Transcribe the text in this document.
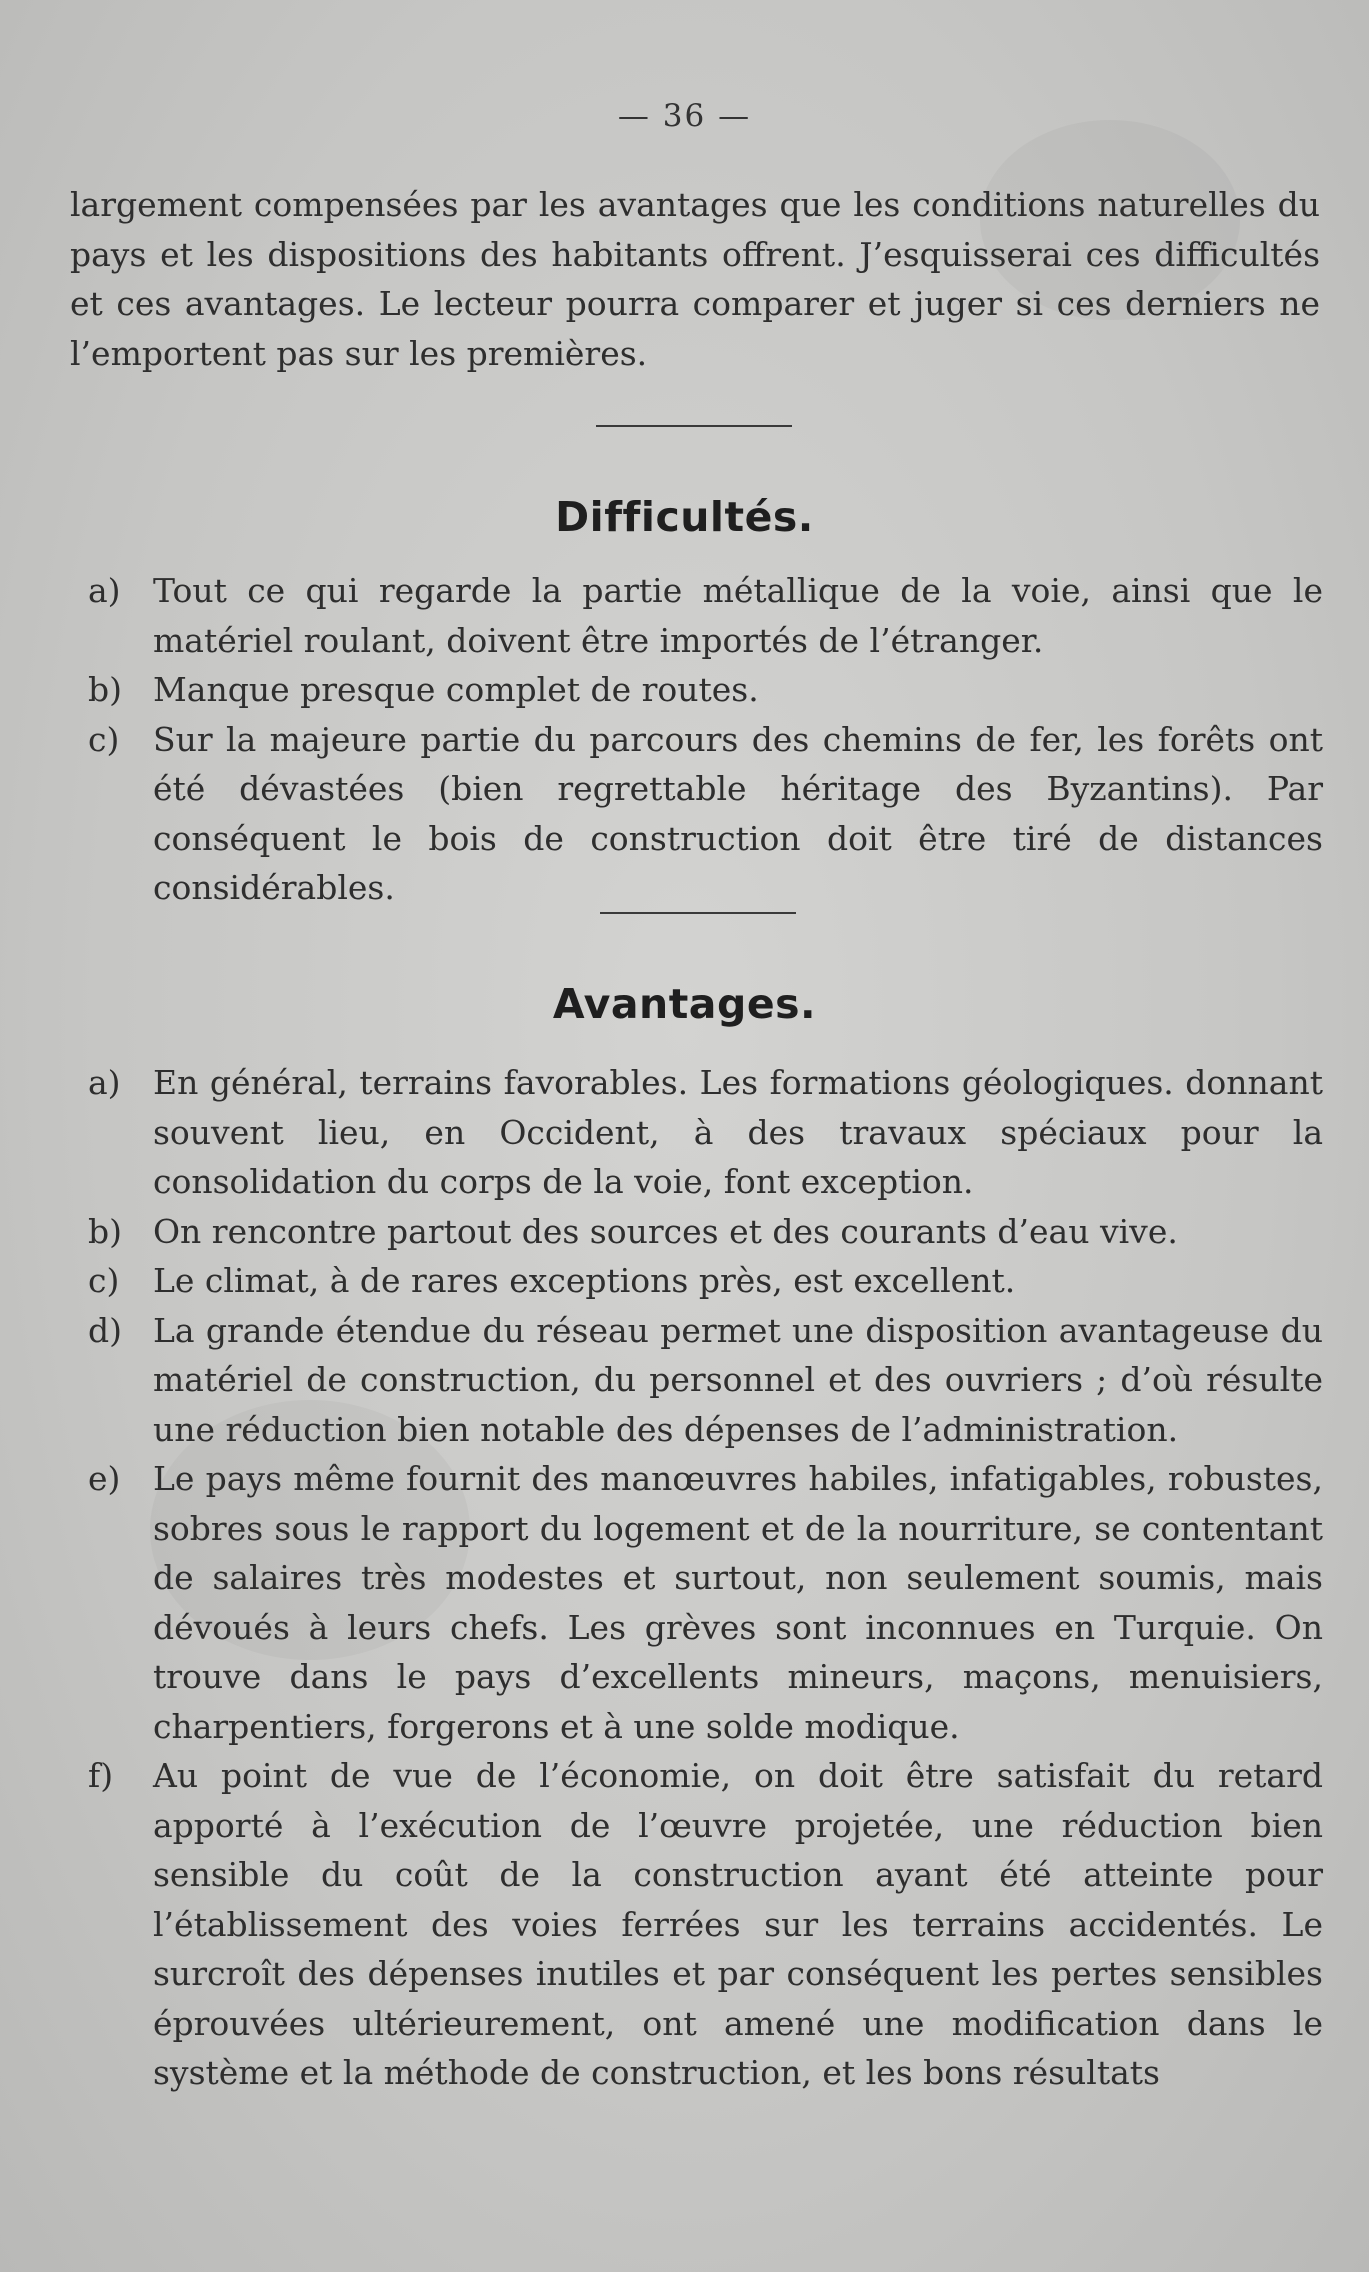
— 36 —

largement compensées par les avantages que les conditions naturelles du pays et les dispositions des habitants offrent. J’esquisserai ces difficultés et ces avantages. Le lecteur pourra comparer et juger si ces derniers ne l’emportent pas sur les premières.

Difficultés.
a) Tout ce qui regarde la partie métallique de la voie, ainsi que le matériel roulant, doivent être importés de l’étranger.
b) Manque presque complet de routes.
c)	Sur la majeure partie du parcours des chemins de fer, les forêts ont été dévastées (bien regrettable héritage des Byzantins). Par conséquent le bois de construction doit être tiré de distances considérables.
Avantages.
a) En général, terrains favorables. Les formations géologiques. donnant souvent lieu, en Occident, à des travaux spéciaux pour la consolidation du corps de la voie, font exception.
b) On rencontre partout des sources et des courants d’eau vive.
c)	Le climat, à de rares exceptions près, est excellent.
d) La grande étendue du réseau permet une disposition avantageuse du matériel de construction, du personnel et des ouvriers ; d’où résulte une réduction bien notable des dépenses de l’administration.
e) Le pays même fournit des manœuvres habiles, infatigables, robustes, sobres sous le rapport du logement et de la nourriture, se contentant de salaires très modestes et surtout, non seulement soumis, mais dévoués à leurs chefs. Les grèves sont inconnues en Turquie. On trouve dans le pays d’excellents mineurs, maçons, menuisiers, charpentiers, forgerons et à une solde modique.
f)	Au point de vue de l’économie, on doit être satisfait du retard apporté à l’exécution de l’œuvre projetée, une réduction bien sensible du coût de la construction ayant été atteinte pour l’établissement des voies ferrées sur les terrains accidentés. Le surcroît des dépenses inutiles et par conséquent les pertes sensibles éprouvées ultérieurement, ont amené une modification dans le système et la méthode de construction, et les bons résultats
